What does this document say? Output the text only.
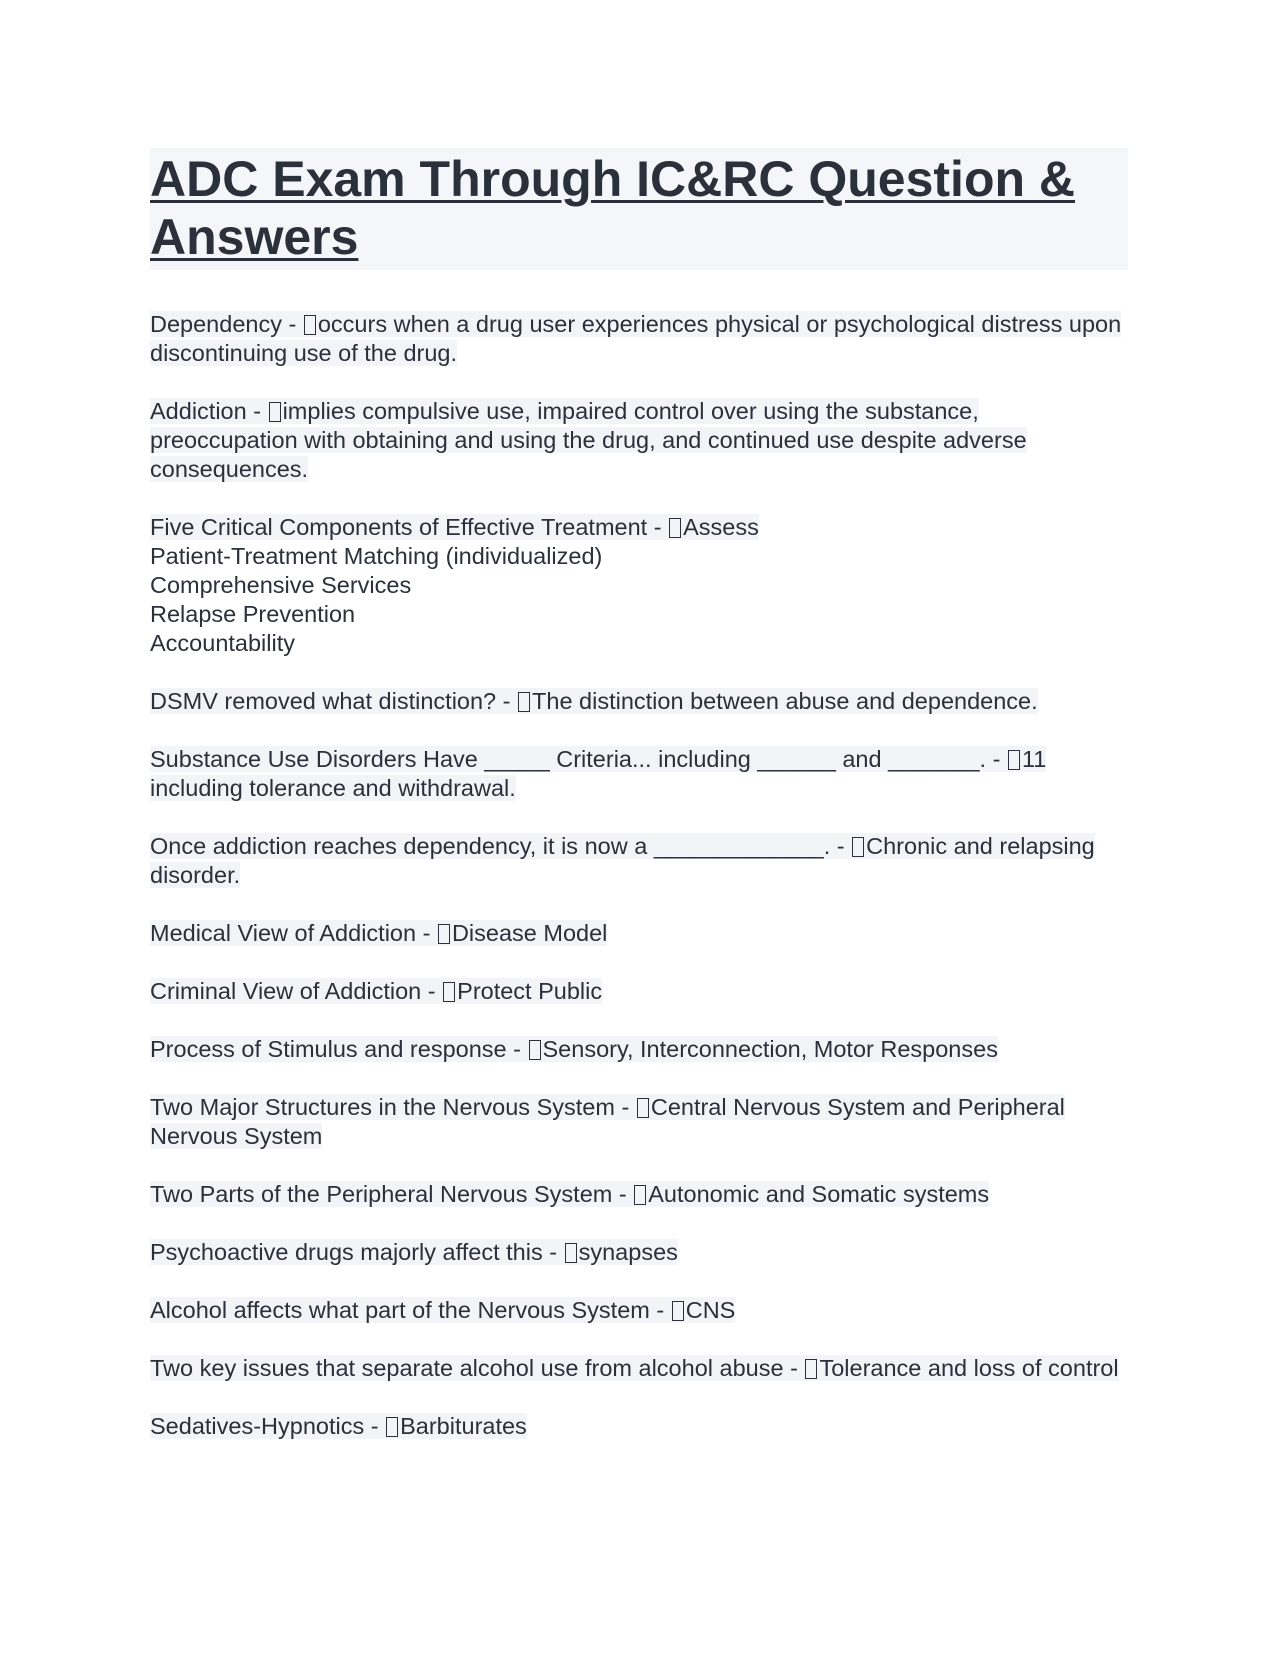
ADC Exam Through IC&RC Question & Answers

Dependency - occurs when a drug user experiences physical or psychological distress upon discontinuing use of the drug.

Addiction - implies compulsive use, impaired control over using the substance, preoccupation with obtaining and using the drug, and continued use despite adverse consequences.

Five Critical Components of Effective Treatment - Assess
Patient-Treatment Matching (individualized)
Comprehensive Services
Relapse Prevention
Accountability

DSMV removed what distinction? - The distinction between abuse and dependence.

Substance Use Disorders Have _____ Criteria... including ______ and _______. - 11 including tolerance and withdrawal.

Once addiction reaches dependency, it is now a _____________. - Chronic and relapsing disorder.

Medical View of Addiction - Disease Model

Criminal View of Addiction - Protect Public

Process of Stimulus and response - Sensory, Interconnection, Motor Responses

Two Major Structures in the Nervous System - Central Nervous System and Peripheral Nervous System

Two Parts of the Peripheral Nervous System - Autonomic and Somatic systems

Psychoactive drugs majorly affect this - synapses

Alcohol affects what part of the Nervous System - CNS

Two key issues that separate alcohol use from alcohol abuse - Tolerance and loss of control

Sedatives-Hypnotics - Barbiturates
